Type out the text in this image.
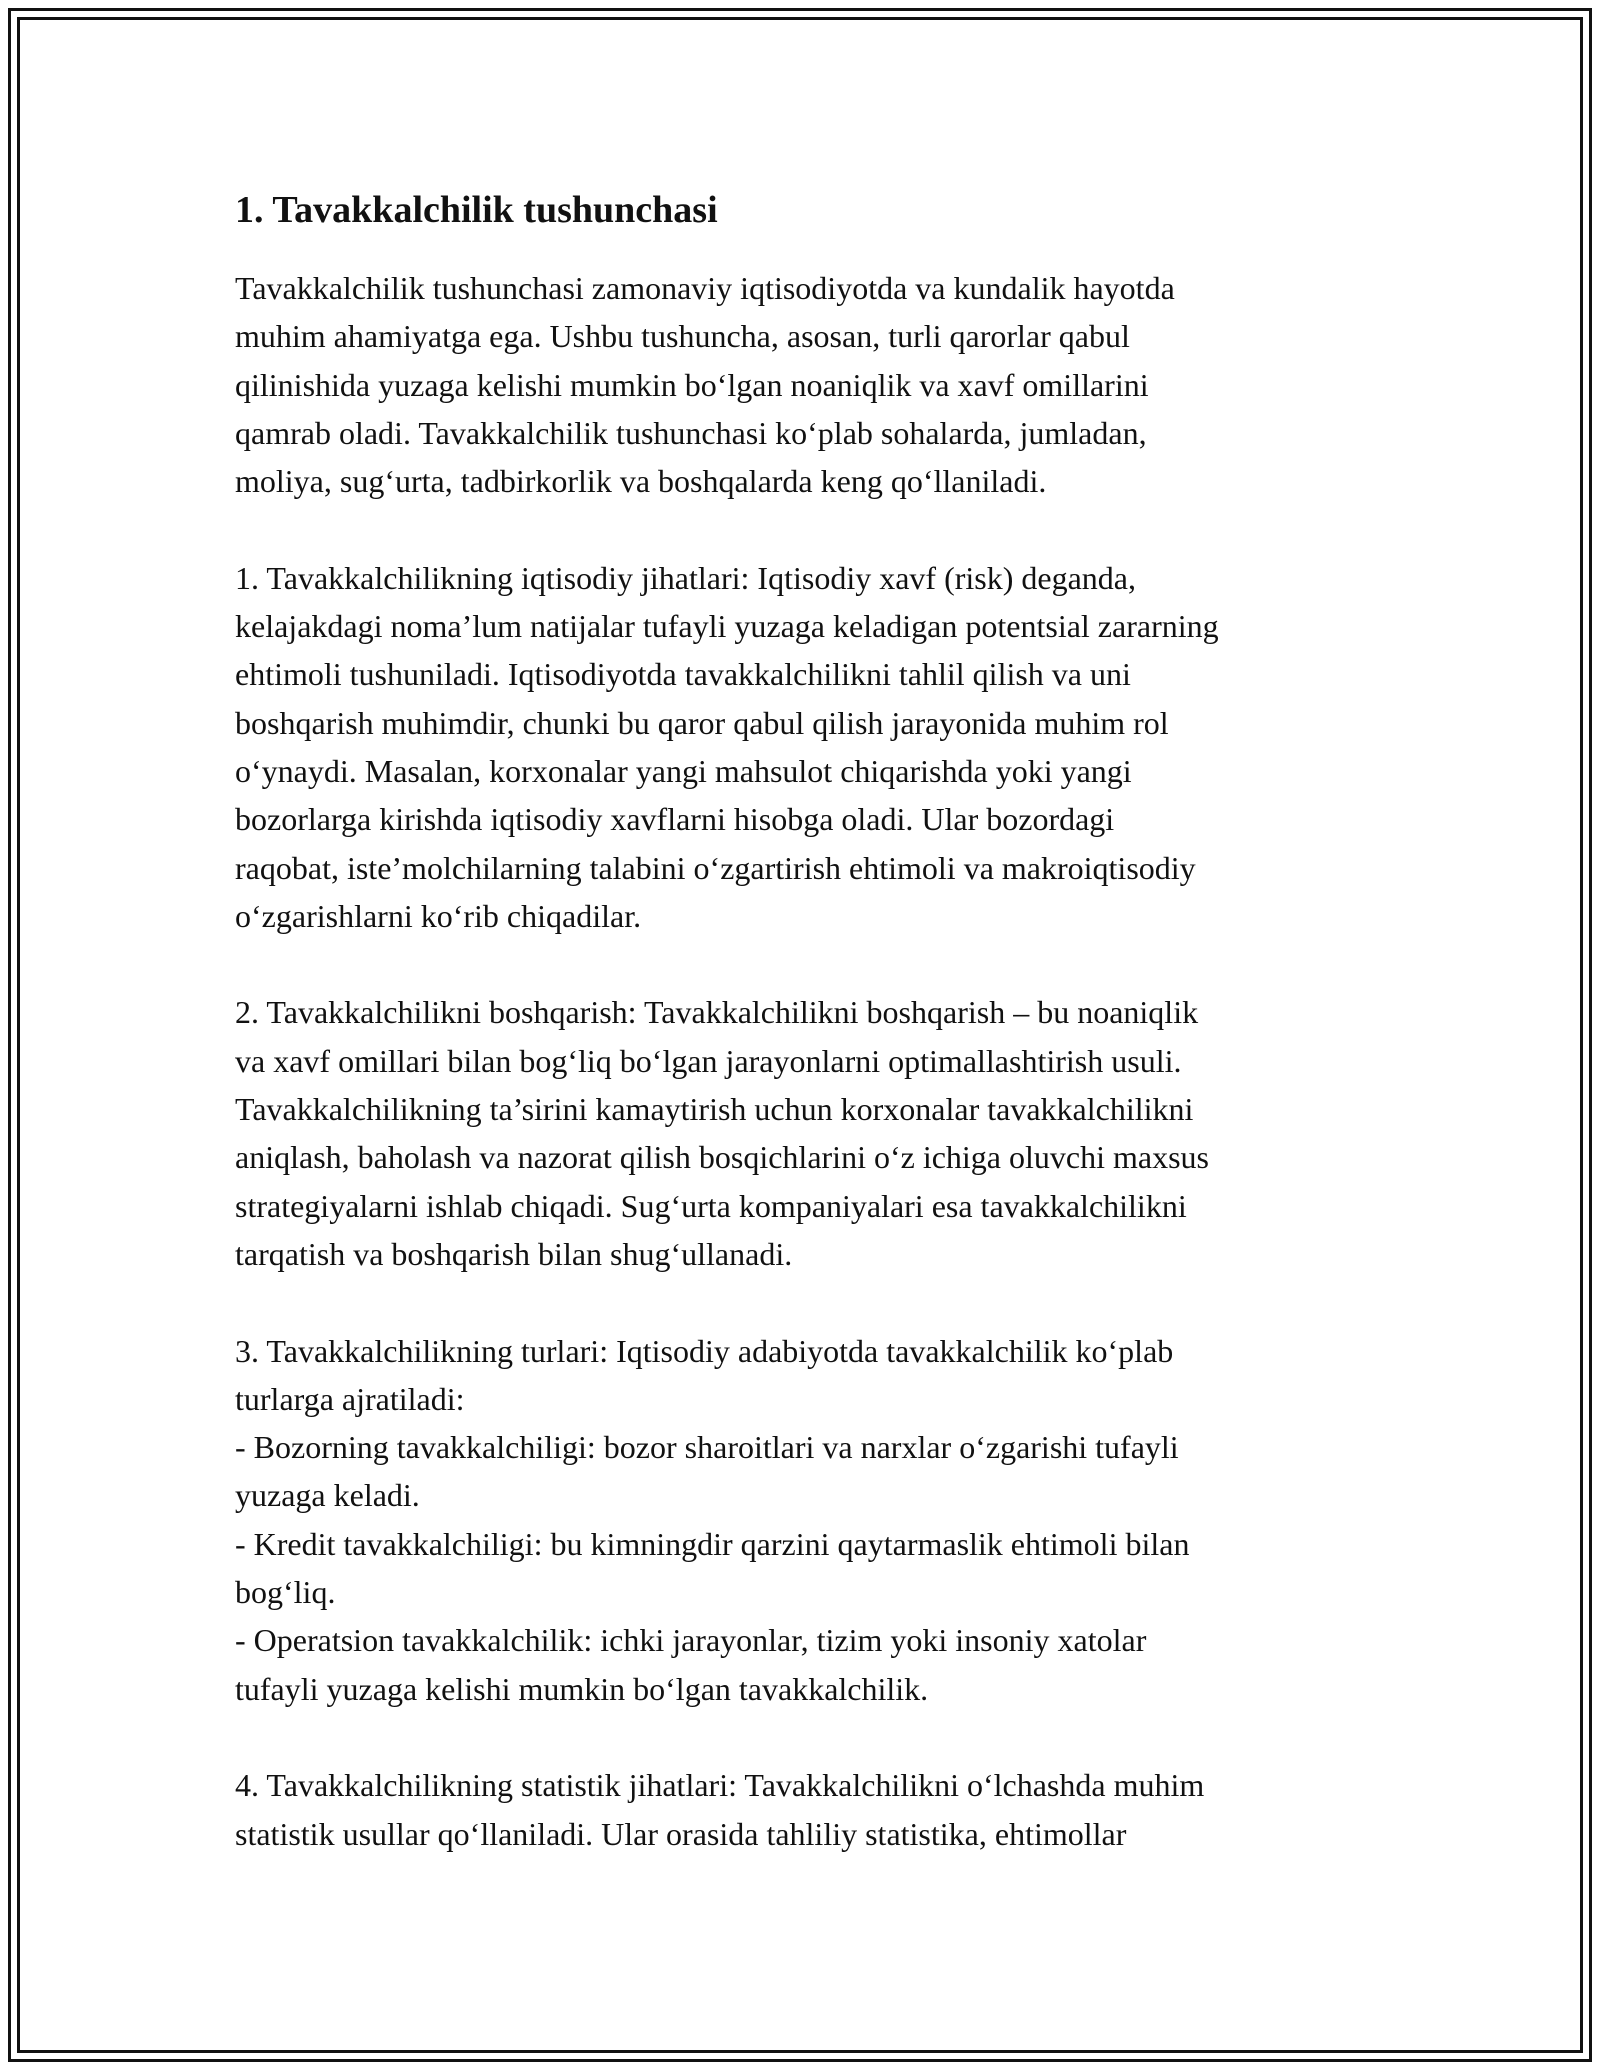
1. Tavakkalchilik tushunchasi

Tavakkalchilik tushunchasi zamonaviy iqtisodiyotda va kundalik hayotda
muhim ahamiyatga ega. Ushbu tushuncha, asosan, turli qarorlar qabul
qilinishida yuzaga kelishi mumkin bo‘lgan noaniqlik va xavf omillarini
qamrab oladi. Tavakkalchilik tushunchasi ko‘plab sohalarda, jumladan,
moliya, sug‘urta, tadbirkorlik va boshqalarda keng qo‘llaniladi.

1. Tavakkalchilikning iqtisodiy jihatlari: Iqtisodiy xavf (risk) deganda,
kelajakdagi noma’lum natijalar tufayli yuzaga keladigan potentsial zararning
ehtimoli tushuniladi. Iqtisodiyotda tavakkalchilikni tahlil qilish va uni
boshqarish muhimdir, chunki bu qaror qabul qilish jarayonida muhim rol
o‘ynaydi. Masalan, korxonalar yangi mahsulot chiqarishda yoki yangi
bozorlarga kirishda iqtisodiy xavflarni hisobga oladi. Ular bozordagi
raqobat, iste’molchilarning talabini o‘zgartirish ehtimoli va makroiqtisodiy
o‘zgarishlarni ko‘rib chiqadilar.

2. Tavakkalchilikni boshqarish: Tavakkalchilikni boshqarish – bu noaniqlik
va xavf omillari bilan bog‘liq bo‘lgan jarayonlarni optimallashtirish usuli.
Tavakkalchilikning ta’sirini kamaytirish uchun korxonalar tavakkalchilikni
aniqlash, baholash va nazorat qilish bosqichlarini o‘z ichiga oluvchi maxsus
strategiyalarni ishlab chiqadi. Sug‘urta kompaniyalari esa tavakkalchilikni
tarqatish va boshqarish bilan shug‘ullanadi.

3. Tavakkalchilikning turlari: Iqtisodiy adabiyotda tavakkalchilik ko‘plab
turlarga ajratiladi:
- Bozorning tavakkalchiligi: bozor sharoitlari va narxlar o‘zgarishi tufayli
yuzaga keladi.
- Kredit tavakkalchiligi: bu kimningdir qarzini qaytarmaslik ehtimoli bilan
bog‘liq.
- Operatsion tavakkalchilik: ichki jarayonlar, tizim yoki insoniy xatolar
tufayli yuzaga kelishi mumkin bo‘lgan tavakkalchilik.

4. Tavakkalchilikning statistik jihatlari: Tavakkalchilikni o‘lchashda muhim
statistik usullar qo‘llaniladi. Ular orasida tahliliy statistika, ehtimollar
